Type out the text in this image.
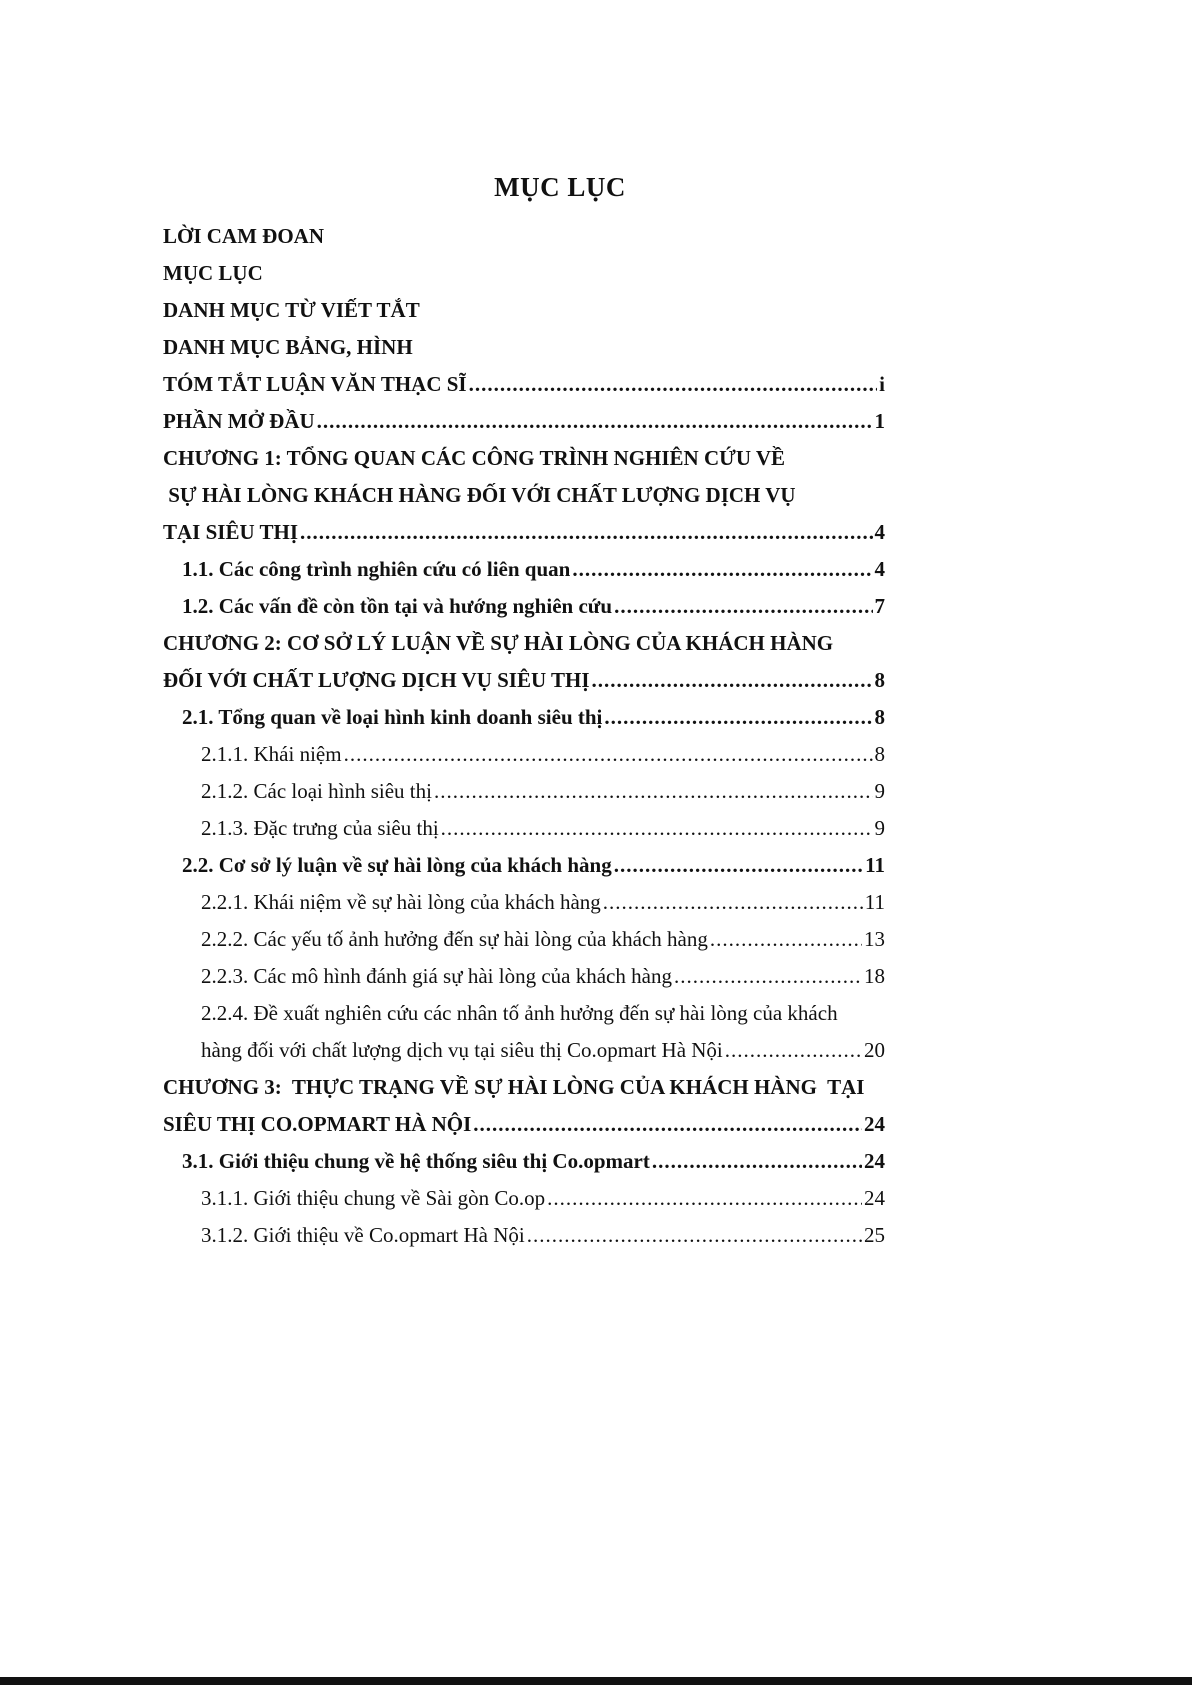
MỤC LỤC
LỜI CAM ĐOAN
MỤC LỤC
DANH MỤC TỪ VIẾT TẮT
DANH MỤC BẢNG, HÌNH
TÓM TẮT LUẬN VĂN THẠC SĨ .....	i
PHẦN MỞ ĐẦU .....	1
CHƯƠNG 1: TỔNG QUAN CÁC CÔNG TRÌNH NGHIÊN CỨU VỀ
SỰ HÀI LÒNG KHÁCH HÀNG ĐỐI VỚI CHẤT LƯỢNG DỊCH VỤ
TẠI SIÊU THỊ .....	4
1.1. Các công trình nghiên cứu có liên quan .....	4
1.2. Các vấn đề còn tồn tại và hướng nghiên cứu .....	7
CHƯƠNG 2: CƠ SỞ LÝ LUẬN VỀ SỰ HÀI LÒNG CỦA KHÁCH HÀNG
ĐỐI VỚI CHẤT LƯỢNG DỊCH VỤ SIÊU THỊ .....	8
2.1. Tổng quan về loại hình kinh doanh siêu thị .....	8
2.1.1. Khái niệm .....	8
2.1.2. Các loại hình siêu thị .....	9
2.1.3. Đặc trưng của siêu thị .....	9
2.2. Cơ sở lý luận về sự hài lòng của khách hàng .....	11
2.2.1. Khái niệm về sự hài lòng của khách hàng .....	11
2.2.2. Các yếu tố ảnh hưởng đến sự hài lòng của khách hàng .....	13
2.2.3. Các mô hình đánh giá sự hài lòng của khách hàng .....	18
2.2.4. Đề xuất nghiên cứu các nhân tố ảnh hưởng đến sự hài lòng của khách
hàng đối với chất lượng dịch vụ tại siêu thị Co.opmart Hà Nội .....	20
CHƯƠNG 3:  THỰC TRẠNG VỀ SỰ HÀI LÒNG CỦA KHÁCH HÀNG  TẠI
SIÊU THỊ CO.OPMART HÀ NỘI .....	24
3.1. Giới thiệu chung về hệ thống siêu thị Co.opmart .....	24
3.1.1. Giới thiệu chung về Sài gòn Co.op .....	24
3.1.2. Giới thiệu về Co.opmart Hà Nội .....	25
